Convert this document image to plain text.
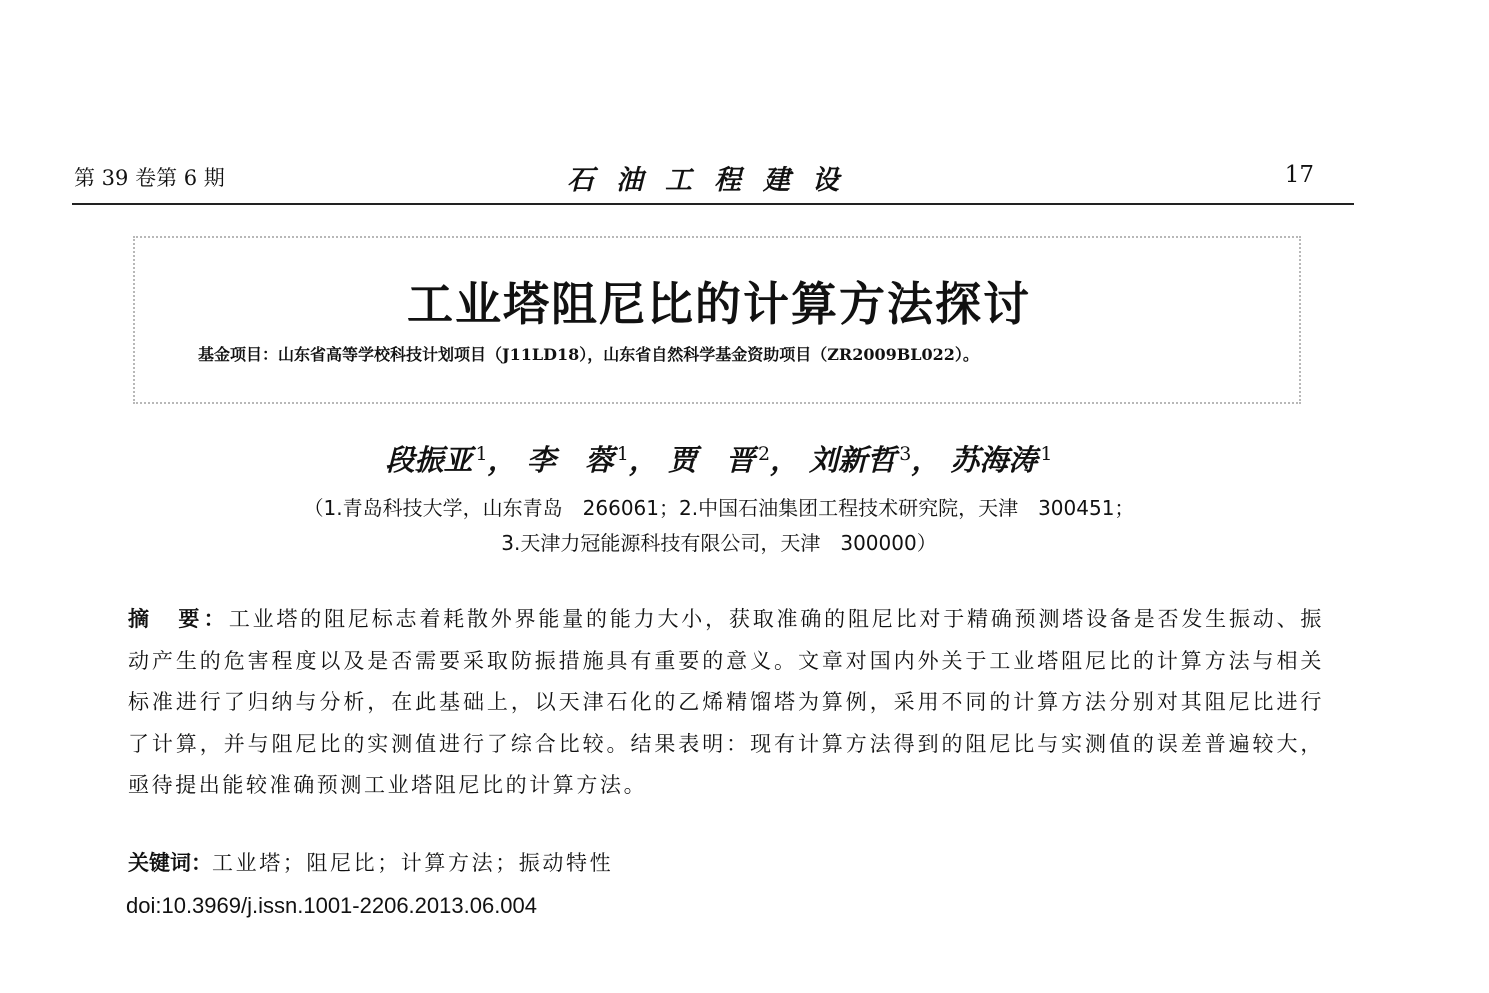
第 39 卷第 6 期	石油工程建设	17
工业塔阻尼比的计算方法探讨
基金项目：山东省高等学校科技计划项目（J11LD18），山东省自然科学基金资助项目（ZR2009BL022）。
段振亚 $^1$， 李　蓉 $^1$， 贾　晋 $^2$， 刘新哲 $^3$， 苏海涛 $^1$
（1.青岛科技大学，山东青岛　266061；2.中国石油集团工程技术研究院，天津　300451；
3.天津力冠能源科技有限公司，天津　300000）
摘　要：工业塔的阻尼标志着耗散外界能量的能力大小，获取准确的阻尼比对于精确预测塔设备是否发生振动、振动产生的危害程度以及是否需要采取防振措施具有重要的意义。文章对国内外关于工业塔阻尼比的计算方法与相关标准进行了归纳与分析，在此基础上，以天津石化的乙烯精馏塔为算例，采用不同的计算方法分别对其阻尼比进行了计算，并与阻尼比的实测值进行了综合比较。结果表明：现有计算方法得到的阻尼比与实测值的误差普遍较大，亟待提出能较准确预测工业塔阻尼比的计算方法。
关键词：工业塔；阻尼比；计算方法；振动特性
doi:10.3969/j.issn.1001-2206.2013.06.004
